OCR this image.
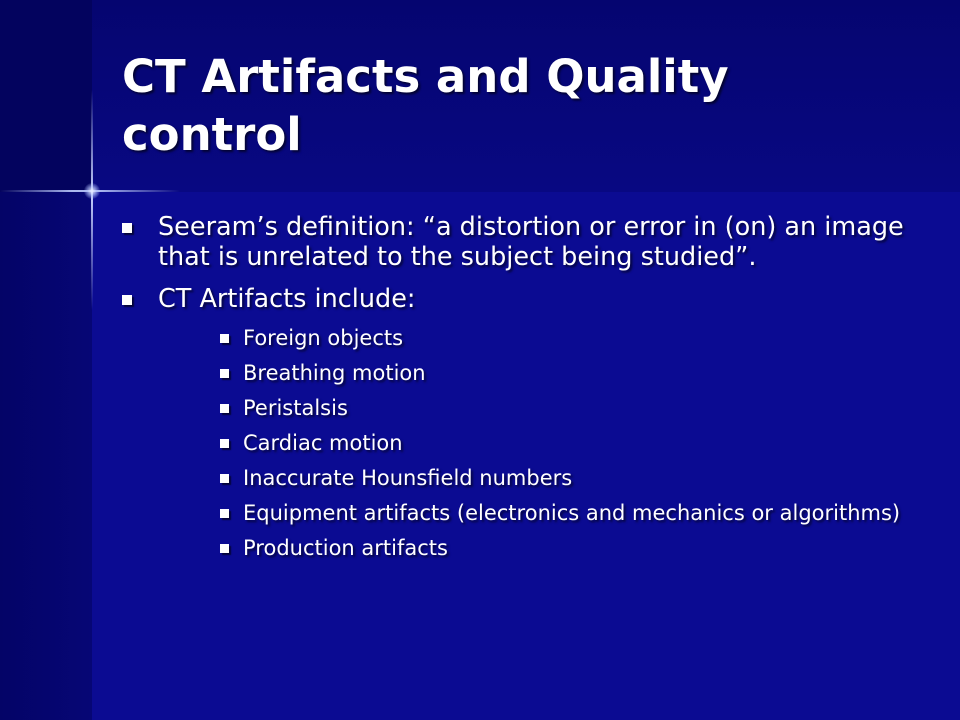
CT Artifacts and Quality control
Seeram’s definition: “a distortion or error in (on) an image that is unrelated to the subject being studied”.
CT Artifacts include:
Foreign objects
Breathing motion
Peristalsis
Cardiac motion
Inaccurate Hounsfield numbers
Equipment artifacts (electronics and mechanics or algorithms)
Production artifacts
